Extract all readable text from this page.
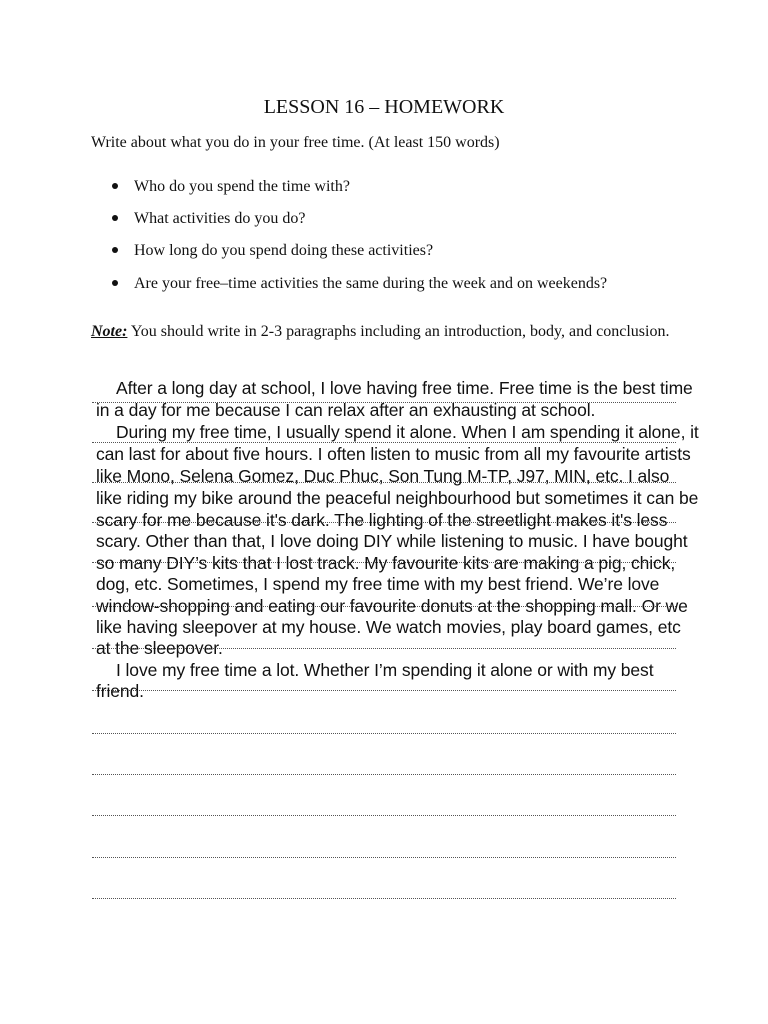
LESSON 16 – HOMEWORK
Write about what you do in your free time. (At least 150 words)
Who do you spend the time with?
What activities do you do?
How long do you spend doing these activities?
Are your free–time activities the same during the week and on weekends?
Note: You should write in 2-3 paragraphs including an introduction, body, and conclusion.
After a long day at school, I love having free time. Free time is the best time
in a day for me because I can relax after an exhausting at school.
During my free time, I usually spend it alone. When I am spending it alone, it
can last for about five hours. I often listen to music from all my favourite artists
like Mono, Selena Gomez, Duc Phuc, Son Tung M-TP, J97, MIN, etc. I also
like riding my bike around the peaceful neighbourhood but sometimes it can be
scary for me because it's dark. The lighting of the streetlight makes it's less
scary. Other than that, I love doing DIY while listening to music. I have bought
so many DIY’s kits that I lost track. My favourite kits are making a pig, chick,
dog, etc. Sometimes, I spend my free time with my best friend. We’re love
window-shopping and eating our favourite donuts at the shopping mall. Or we
like having sleepover at my house. We watch movies, play board games, etc
at the sleepover.
I love my free time a lot. Whether I’m spending it alone or with my best
friend.
